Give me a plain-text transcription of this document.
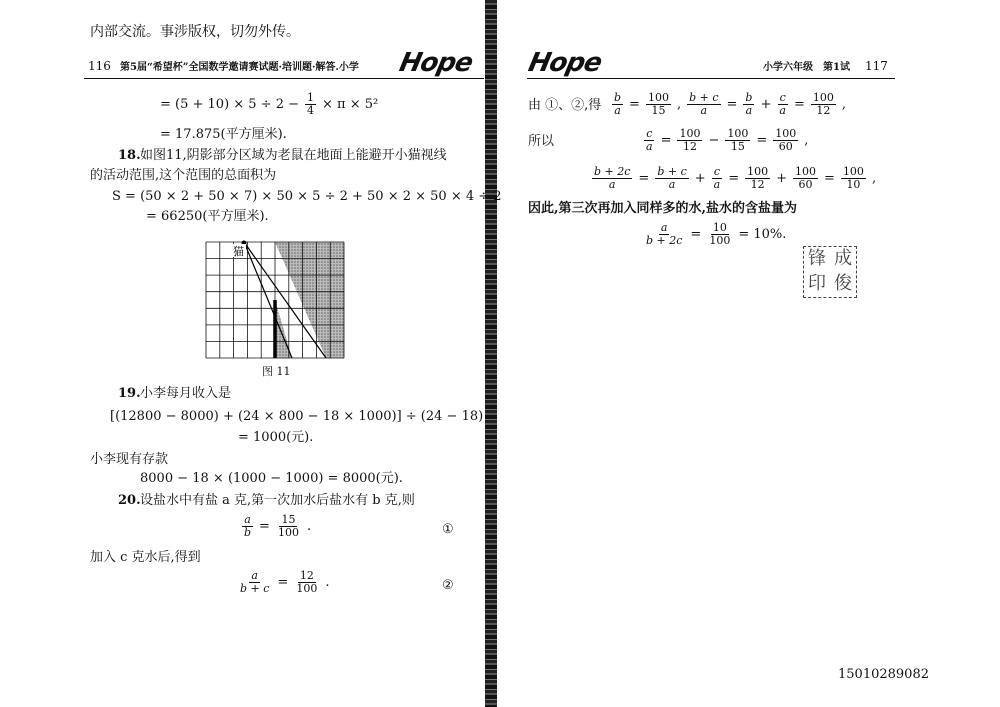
内部交流。事涉版权，切勿外传。
116 第5届“希望杯”全国数学邀请赛试题·培训题·解答.小学 Hope Hope	小学六年级 第1试 117
= $(5 + 10) \times 5 \div 2 - \frac{1}{4} \times \pi \times 5^2$
= 17.875(平方厘米).
18. 如图11,阴影部分区域为老鼠在地面上能避开小猫视线
的活动范围,这个范围的总面积为
S = (50 × 2 + 50 × 7) × 50 × 5 ÷ 2 + 50 × 2 × 50 × 4 ÷ 2
= 66250(平方厘米).
猫
图 11
19. 小李每月收入是
[(12800 − 8000) + (24 × 800 − 18 × 1000)] ÷ (24 − 18)
= 1000(元).
小李现有存款
8000 − 18 × (1000 − 1000) = 8000(元).
20. 设盐水中有盐 a 克,第一次加水后盐水有 b 克,则
$\frac{a}{b} = \frac{15}{100}$ .	①
加入 c 克水后,得到
$\frac{a}{b + c} = \frac{12}{100}$ .	②
由 ①、②,得 $\frac{b}{a} = \frac{100}{15}$ , $\frac{b + c}{a} = \frac{b}{a} + \frac{c}{a} = \frac{100}{12}$ ,
所以	$\frac{c}{a} = \frac{100}{12} - \frac{100}{15} = \frac{100}{60}$ ,
$\frac{b + 2c}{a} = \frac{b + c}{a} + \frac{c}{a} = \frac{100}{12} + \frac{100}{60} = \frac{100}{10}$ ,
因此,第三次再加入同样多的水,盐水的含盐量为
$\frac{a}{b + 2c} = \frac{10}{100} = 10\%$.
锋 成
印 俊
15010289082
